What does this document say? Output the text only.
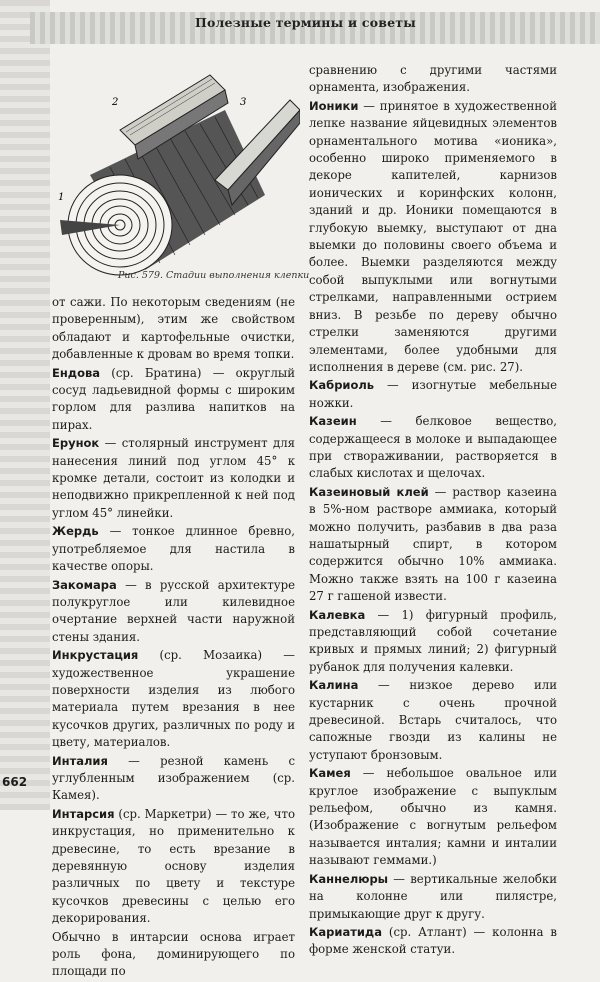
Полезные термины и советы
2	3
1
Рис. 579. Стадии выполнения клепки

от сажи. По некоторым сведениям (не проверенным), этим же свойством обладают и картофельные очистки, добавленные к дровам во время топки.

Ендова (ср. Братина) — округлый сосуд ладьевидной формы с широким горлом для разлива напитков на пирах.

Ерунок — столярный инструмент для нанесения линий под углом 45° к кромке детали, состоит из колодки и неподвижно прикрепленной к ней под углом 45° линейки.

Жердь — тонкое длинное бревно, употребляемое для настила в качестве опоры.

Закомара — в русской архитектуре полукруглое или килевидное очертание верхней части наружной стены здания.

Инкрустация (ср. Мозаика) — художественное украшение поверхности изделия из любого материала путем врезания в нее кусочков других, различных по роду и цвету, материалов.

Инталия — резной камень с углубленным изображением (ср. Камея).

Интарсия (ср. Маркетри) — то же, что инкрустация, но применительно к древесине, то есть врезание в деревянную основу изделия различных по цвету и текстуре кусочков древесины с целью его декорирования.

Обычно в интарсии основа играет роль фона, доминирующего по площади по

сравнению с другими частями орнамента, изображения.

Ионики — принятое в художественной лепке название яйцевидных элементов орнаментального мотива «ионика», особенно широко применяемого в декоре капителей, карнизов ионических и коринфских колонн, зданий и др. Ионики помещаются в глубокую выемку, выступают от дна выемки до половины своего объема и более. Выемки разделяются между собой выпуклыми или вогнутыми стрелками, направленными острием вниз. В резьбе по дереву обычно стрелки заменяются другими элементами, более удобными для исполнения в дереве (см. рис. 27).

Кабриоль — изогнутые мебельные ножки.

Казеин — белковое вещество, содержащееся в молоке и выпадающее при створаживании, растворяется в слабых кислотах и щелочах.

Казеиновый клей — раствор казеина в 5%-ном растворе аммиака, который можно получить, разбавив в два раза нашатырный спирт, в котором содержится обычно 10% аммиака. Можно также взять на 100 г казеина 27 г гашеной извести.

Калевка — 1) фигурный профиль, представляющий собой сочетание кривых и прямых линий; 2) фигурный рубанок для получения калевки.

Калина — низкое дерево или кустарник с очень прочной древесиной. Встарь считалось, что сапожные гвозди из калины не уступают бронзовым.

Камея — небольшое овальное или круглое изображение с выпуклым рельефом, обычно из камня. (Изображение с вогнутым рельефом называется инталия; камни и инталии называют геммами.)

Каннелюры — вертикальные желобки на колонне или пилястре, примыкающие друг к другу.

Кариатида (ср. Атлант) — колонна в форме женской статуи.

662
